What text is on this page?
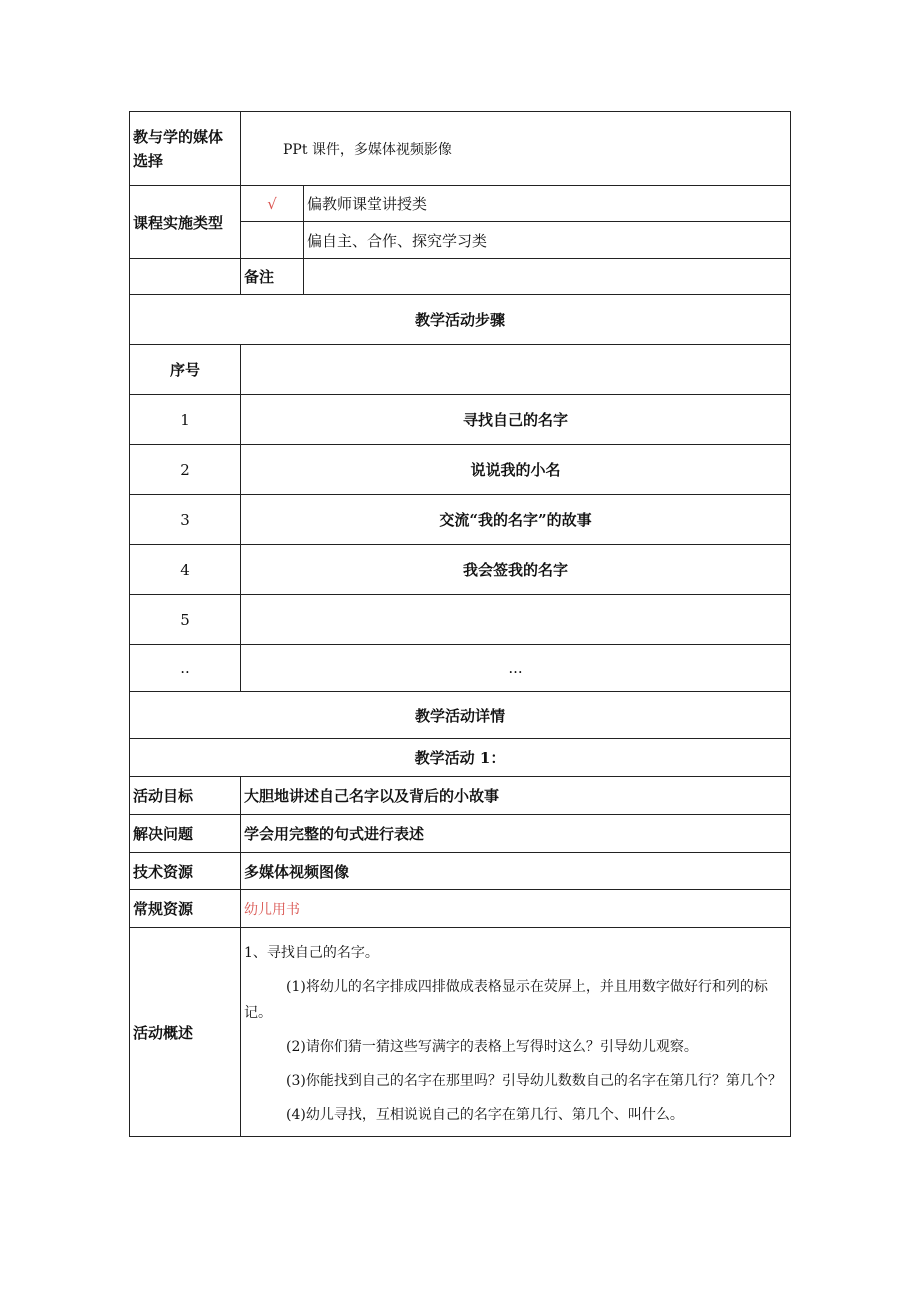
教与学的媒体选择	PPt 课件，多媒体视频影像	
课程实施类型	√	偏教师课堂讲授类
		偏自主、合作、探究学习类
	备注	
教学活动步骤		
序号		
1	寻找自己的名字	
2	说说我的小名	
3	交流“我的名字”的故事	
4	我会签我的名字	
5		
..	...	
教学活动详情		
教学活动 1：		
活动目标	大胆地讲述自己名字以及背后的小故事	
解决问题	学会用完整的句式进行表述	
技术资源	多媒体视频图像	
常规资源	幼儿用书	
活动概述	1、寻找自己的名字。

(1)将幼儿的名字排成四排做成表格显示在荧屏上，并且用数字做好行和列的标记。

(2)请你们猜一猜这些写满字的表格上写得时这么？引导幼儿观察。

(3)你能找到自己的名字在那里吗？引导幼儿数数自己的名字在第几行？第几个？

(4)幼儿寻找，互相说说自己的名字在第几行、第几个、叫什么。	
